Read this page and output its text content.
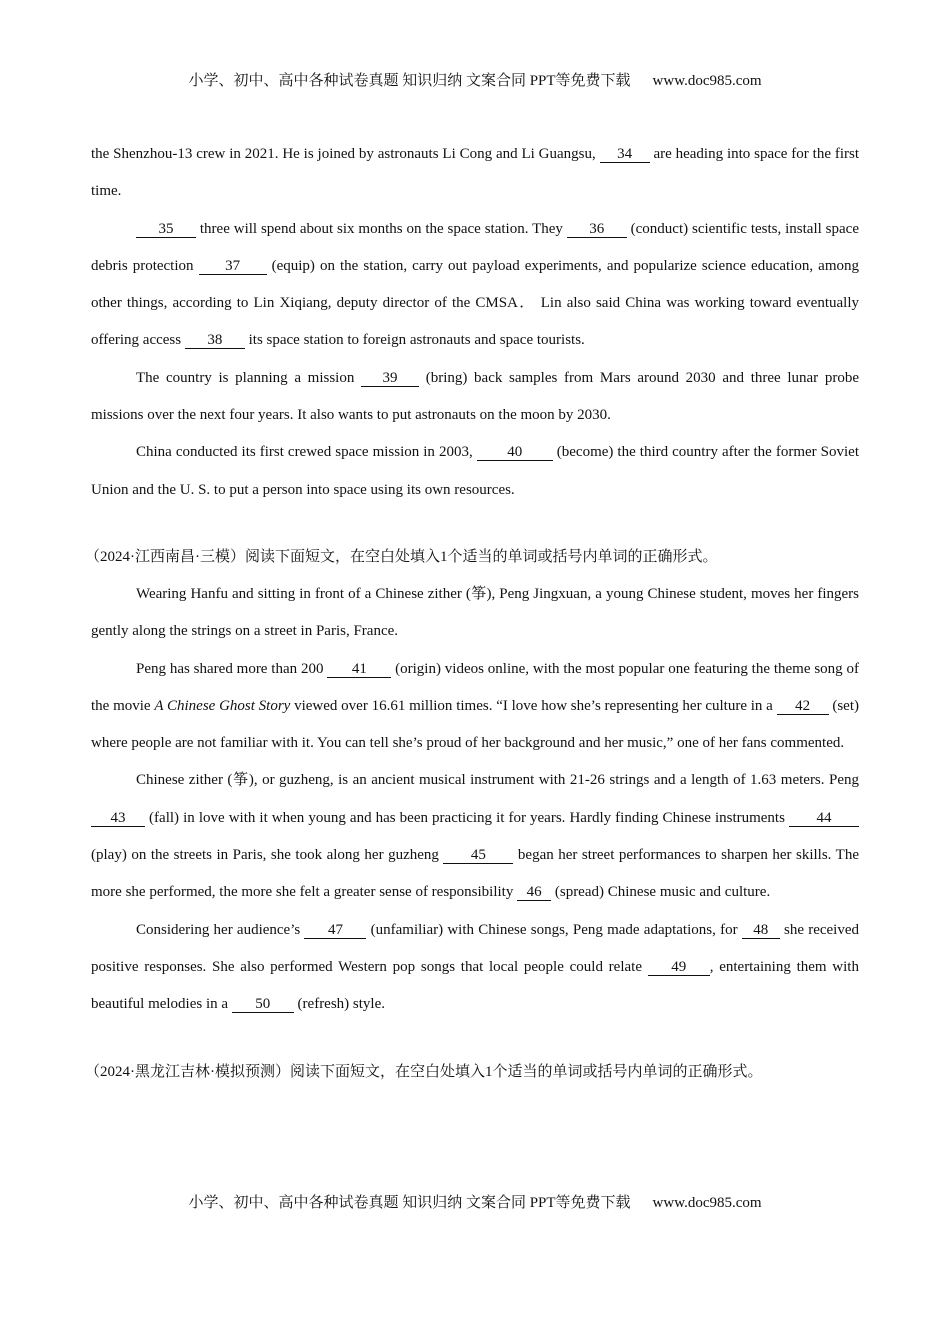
小学、初中、高中各种试卷真题 知识归纳 文案合同 PPT等免费下载 www.doc985.com

the Shenzhou-13 crew in 2021. He is joined by astronauts Li Cong and Li Guangsu, 34 are heading into space for the first time.

35 three will spend about six months on the space station. They 36 (conduct) scientific tests, install space debris protection 37 (equip) on the station, carry out payload experiments, and popularize science education, among other things, according to Lin Xiqiang, deputy director of the CMSA． Lin also said China was working toward eventually offering access 38 its space station to foreign astronauts and space tourists.

The country is planning a mission 39 (bring) back samples from Mars around 2030 and three lunar probe missions over the next four years. It also wants to put astronauts on the moon by 2030.

China conducted its first crewed space mission in 2003, 40 (become) the third country after the former Soviet Union and the U. S. to put a person into space using its own resources.

（2024·江西南昌·三模）阅读下面短文，在空白处填入1个适当的单词或括号内单词的正确形式。

Wearing Hanfu and sitting in front of a Chinese zither (筝), Peng Jingxuan, a young Chinese student, moves her fingers gently along the strings on a street in Paris, France.

Peng has shared more than 200 41 (origin) videos online, with the most popular one featuring the theme song of the movie A Chinese Ghost Story viewed over 16.61 million times. “I love how she’s representing her culture in a 42 (set) where people are not familiar with it. You can tell she’s proud of her background and her music,” one of her fans commented.

Chinese zither (筝), or guzheng, is an ancient musical instrument with 21-26 strings and a length of 1.63 meters. Peng 43 (fall) in love with it when young and has been practicing it for years. Hardly finding Chinese instruments 44 (play) on the streets in Paris, she took along her guzheng 45 began her street performances to sharpen her skills. The more she performed, the more she felt a greater sense of responsibility 46 (spread) Chinese music and culture.

Considering her audience’s 47 (unfamiliar) with Chinese songs, Peng made adaptations, for 48 she received positive responses. She also performed Western pop songs that local people could relate 49 , entertaining them with beautiful melodies in a 50 (refresh) style.

（2024·黑龙江吉林·模拟预测）阅读下面短文，在空白处填入1个适当的单词或括号内单词的正确形式。

小学、初中、高中各种试卷真题 知识归纳 文案合同 PPT等免费下载 www.doc985.com
